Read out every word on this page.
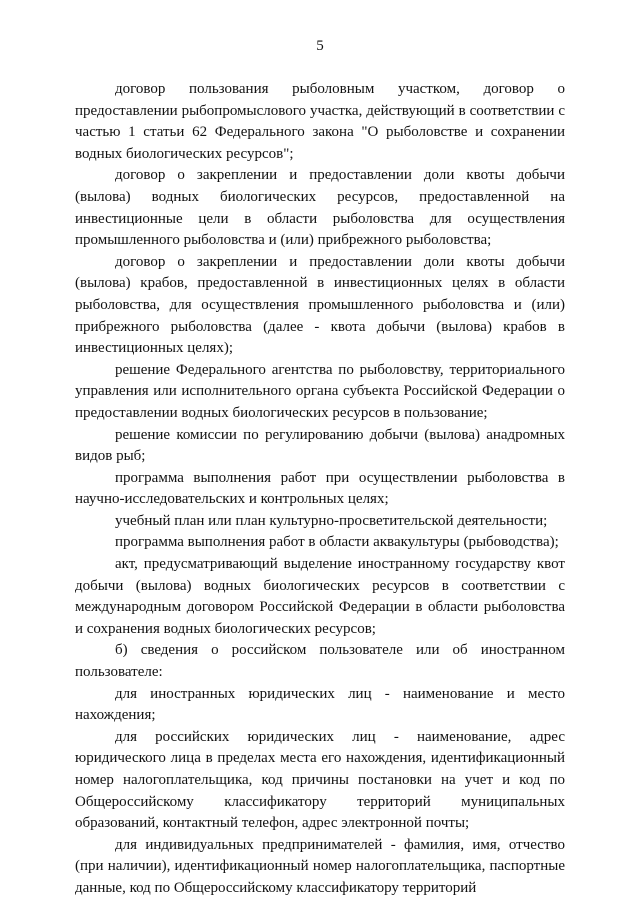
5

договор пользования рыболовным участком, договор о предоставлении рыбопромыслового участка, действующий в соответствии с частью 1 статьи 62 Федерального закона "О рыболовстве и сохранении водных биологических ресурсов";

договор о закреплении и предоставлении доли квоты добычи (вылова) водных биологических ресурсов, предоставленной на инвестиционные цели в области рыболовства для осуществления промышленного рыболовства и (или) прибрежного рыболовства;

договор о закреплении и предоставлении доли квоты добычи (вылова) крабов, предоставленной в инвестиционных целях в области рыболовства, для осуществления промышленного рыболовства и (или) прибрежного рыболовства (далее - квота добычи (вылова) крабов в инвестиционных целях);

решение Федерального агентства по рыболовству, территориального управления или исполнительного органа субъекта Российской Федерации о предоставлении водных биологических ресурсов в пользование;

решение комиссии по регулированию добычи (вылова) анадромных видов рыб;

программа выполнения работ при осуществлении рыболовства в научно-исследовательских и контрольных целях;

учебный план или план культурно-просветительской деятельности;

программа выполнения работ в области аквакультуры (рыбоводства);

акт, предусматривающий выделение иностранному государству квот добычи (вылова) водных биологических ресурсов в соответствии с международным договором Российской Федерации в области рыболовства и сохранения водных биологических ресурсов;

б) сведения о российском пользователе или об иностранном пользователе:

для иностранных юридических лиц - наименование и место нахождения;

для российских юридических лиц - наименование, адрес юридического лица в пределах места его нахождения, идентификационный номер налогоплательщика, код причины постановки на учет и код по Общероссийскому классификатору территорий муниципальных образований, контактный телефон, адрес электронной почты;

для индивидуальных предпринимателей - фамилия, имя, отчество (при наличии), идентификационный номер налогоплательщика, паспортные данные, код по Общероссийскому классификатору территорий
